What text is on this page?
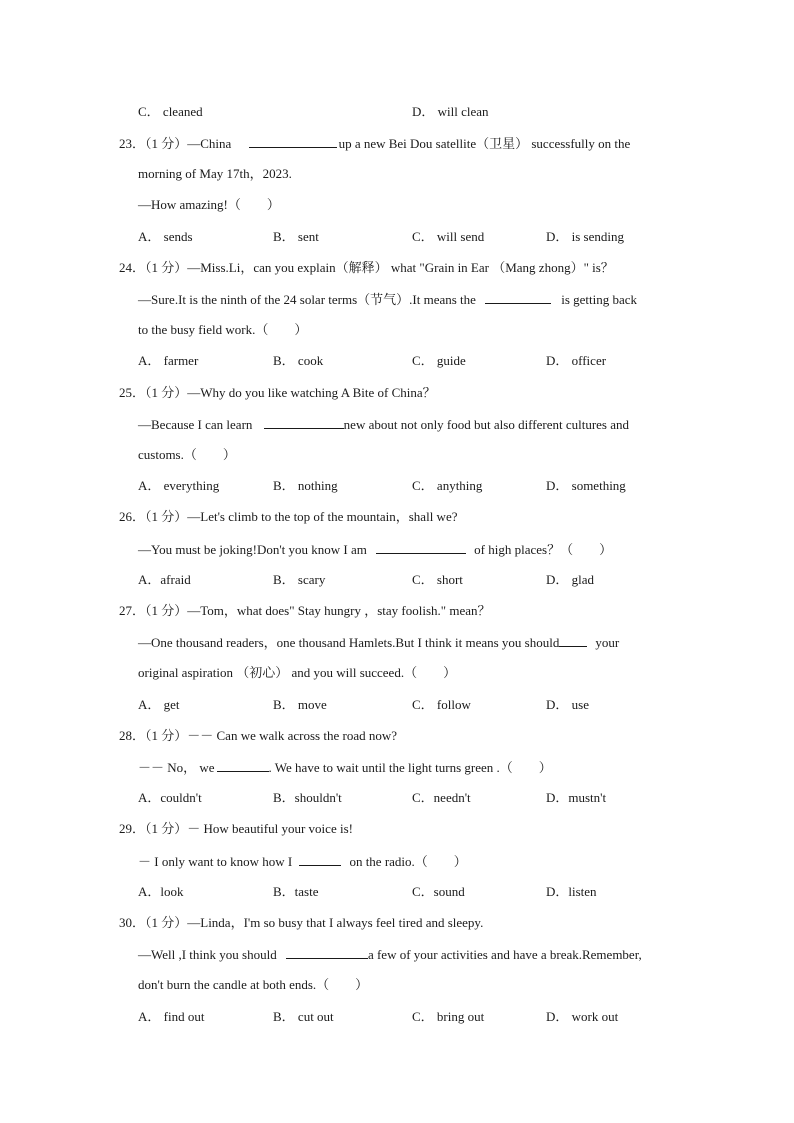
C． cleaned	D． will clean
23．（1 分）—China	up a new Bei Dou satellite（卫星） successfully on the
morning of May 17th，2023.
—How amazing!（　　）
A． sends	B． sent	C． will send	D． is sending
24．（1 分）—Miss.Li，can you explain（解释） what "Grain in Ear （Mang zhong）" is？
—Sure.It is the ninth of the 24 solar terms（节气）.It means the	is getting back
to the busy field work.（　　）
A． farmer	B． cook	C． guide	D． officer
25．（1 分）—Why do you like watching A Bite of China？
—Because I can learn	new about not only food but also different cultures and
customs.（　　）
A． everything	B． nothing	C． anything	D． something
26．（1 分）—Let's climb to the top of the mountain，shall we?
—You must be joking!Don't you know I am	of high places？（　　）
A．afraid	B． scary	C． short	D． glad
27．（1 分）—Tom，what does" Stay hungry ，stay foolish." mean？
—One thousand readers，one thousand Hamlets.But I think it means you should	your
original aspiration （初心） and you will succeed.（　　）
A． get	B． move	C． follow	D． use
28．（1 分）－－ Can we walk across the road now?
－－ No， we	. We have to wait until the light turns green .（　　）
A．couldn't	B．shouldn't	C．needn't	D．mustn't
29．（1 分）－ How beautiful your voice is!
－ I only want to know how I	on the radio.（　　）
A．look	B．taste	C．sound	D．listen
30．（1 分）—Linda，I'm so busy that I always feel tired and sleepy.
—Well ,I think you should	a few of your activities and have a break.Remember,
don't burn the candle at both ends.（　　）
A． find out	B． cut out	C． bring out	D． work out
